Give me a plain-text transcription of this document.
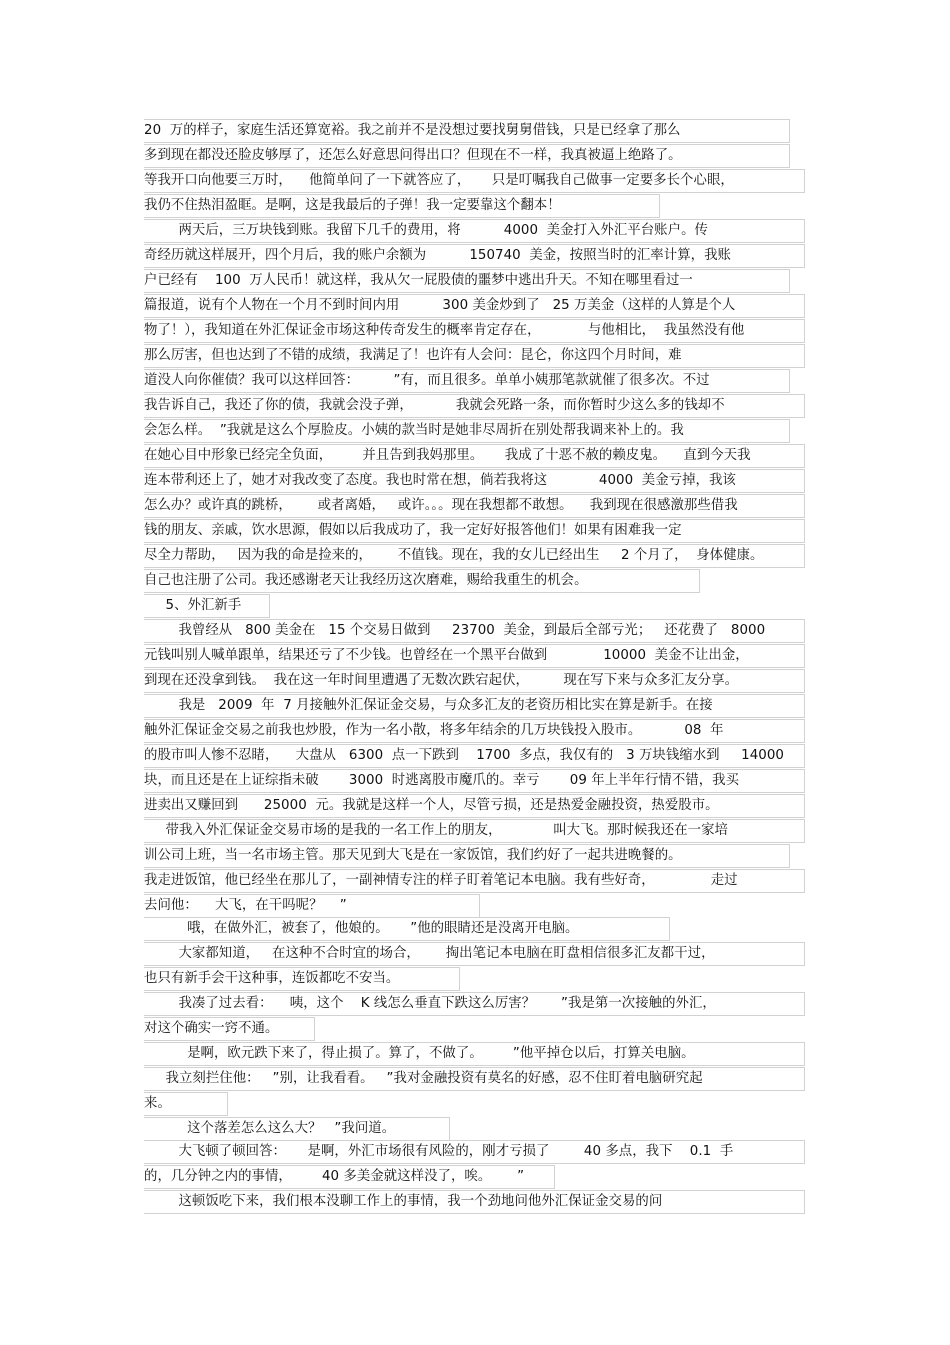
20  万的样子，家庭生活还算宽裕。我之前并不是没想过要找舅舅借钱，只是已经拿了那么
多到现在都没还脸皮够厚了，还怎么好意思问得出口？但现在不一样，我真被逼上绝路了。
等我开口向他要三万时，    他简单问了一下就答应了，     只是叮嘱我自己做事一定要多长个心眼，
我仍不住热泪盈眶。是啊，这是我最后的子弹！我一定要靠这个翻本！
两天后，三万块钱到账。我留下几千的费用，将          4000  美金打入外汇平台账户。传
奇经历就这样展开，四个月后，我的账户余额为          150740  美金，按照当时的汇率计算，我账
户已经有    100  万人民币！就这样，我从欠一屁股债的噩梦中逃出升天。不知在哪里看过一
篇报道，说有个人物在一个月不到时间内用          300 美金炒到了   25 万美金（这样的人算是个人
物了！），我知道在外汇保证金市场这种传奇发生的概率肯定存在，           与他相比，  我虽然没有他
那么厉害，但也达到了不错的成绩，我满足了！也许有人会问：昆仑，你这四个月时间，难
道没人向你催债？我可以这样回答：        ”有，而且很多。单单小姨那笔款就催了很多次。不过
我告诉自己，我还了你的债，我就会没子弹，          我就会死路一条，而你暂时少这么多的钱却不
会怎么样。  ”我就是这么个厚脸皮。小姨的款当时是她非尽周折在别处帮我调来补上的。我
在她心目中形象已经完全负面，       并且告到我妈那里。     我成了十恶不赦的赖皮鬼。    直到今天我
连本带利还上了，她才对我改变了态度。我也时常在想，倘若我将这            4000  美金亏掉，我该
怎么办？或许真的跳桥，      或者离婚，   或许。。。现在我想都不敢想。    我到现在很感激那些借我
钱的朋友、亲戚，饮水思源，假如以后我成功了，我一定好好报答他们！如果有困难我一定
尽全力帮助，   因为我的命是捡来的，      不值钱。现在，我的女儿已经出生     2 个月了，  身体健康。
自己也注册了公司。我还感谢老天让我经历这次磨难，赐给我重生的机会。
5、外汇新手
我曾经从   800 美金在   15 个交易日做到     23700  美金，到最后全部亏光；   还花费了   8000
元钱叫别人喊单跟单，结果还亏了不少钱。也曾经在一个黑平台做到             10000  美金不让出金，
到现在还没拿到钱。  我在这一年时间里遭遇了无数次跌宕起伏，        现在写下来与众多汇友分享。
我是   2009  年  7 月接触外汇保证金交易，与众多汇友的老资历相比实在算是新手。在接
触外汇保证金交易之前我也炒股，作为一名小散，将多年结余的几万块钱投入股市。          08  年
的股市叫人惨不忍睹，    大盘从   6300  点一下跌到    1700  多点，我仅有的   3 万块钱缩水到     14000
块，而且还是在上证综指未破       3000  时逃离股市魔爪的。幸亏       09 年上半年行情不错，我买
进卖出又赚回到      25000  元。我就是这样一个人，尽管亏损，还是热爱金融投资，热爱股市。
带我入外汇保证金交易市场的是我的一名工作上的朋友，            叫大飞。那时候我还在一家培
训公司上班，当一名市场主管。那天见到大飞是在一家饭馆，我们约好了一起共进晚餐的。
我走进饭馆，他已经坐在那儿了，一副神情专注的样子盯着笔记本电脑。我有些好奇，             走过
去问他：    大飞，在干吗呢？    ”
哦，在做外汇，被套了，他娘的。     ”他的眼睛还是没离开电脑。
大家都知道，   在这种不合时宜的场合，      掏出笔记本电脑在盯盘相信很多汇友都干过，
也只有新手会干这种事，连饭都吃不安当。
我凑了过去看：    咦，这个    K 线怎么垂直下跌这么厉害？      ”我是第一次接触的外汇，
对这个确实一窍不通。
是啊，欧元跌下来了，得止损了。算了，不做了。       ”他平掉仓以后，打算关电脑。
我立刻拦住他：   ”别，让我看看。   ”我对金融投资有莫名的好感，忍不住盯着电脑研究起
来。
这个落差怎么这么大？   ”我问道。
大飞顿了顿回答：     是啊，外汇市场很有风险的，刚才亏损了        40 多点，我下    0.1  手
的，几分钟之内的事情，       40 多美金就这样没了，唉。      ”
这顿饭吃下来，我们根本没聊工作上的事情，我一个劲地问他外汇保证金交易的问
